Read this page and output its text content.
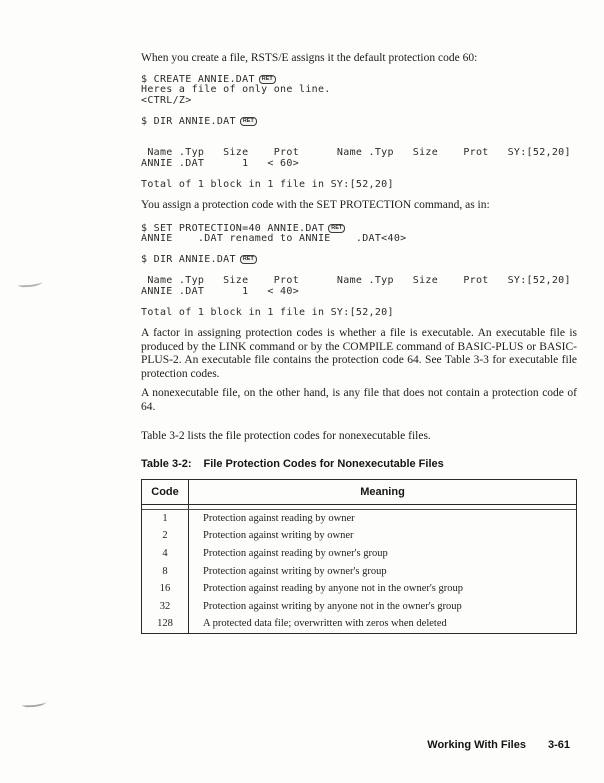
When you create a file, RSTS/E assigns it the default protection code 60:

$ CREATE ANNIE.DAT RET
Heres a file of only one line.
<CTRL/Z>
$ DIR ANNIE.DAT RET
Name .Typ   Size    Prot      Name .Typ   Size    Prot   SY:[52,20]
ANNIE .DAT      1   < 60>
Total of 1 block in 1 file in SY:[52,20]

You assign a protection code with the SET PROTECTION command, as in:

$ SET PROTECTION=40 ANNIE.DAT RET
ANNIE    .DAT renamed to ANNIE    .DAT<40>
$ DIR ANNIE.DAT RET
Name .Typ   Size    Prot      Name .Typ   Size    Prot   SY:[52,20]
ANNIE .DAT      1   < 40>
Total of 1 block in 1 file in SY:[52,20]

A factor in assigning protection codes is whether a file is executable. An executable file is produced by the LINK command or by the COMPILE command of BASIC-PLUS or BASIC-PLUS-2. An executable file contains the protection code 64. See Table 3-3 for executable file protection codes.

A nonexecutable file, on the other hand, is any file that does not contain a protection code of 64.

Table 3-2 lists the file protection codes for nonexecutable files.

Table 3-2: File Protection Codes for Nonexecutable Files
Code	Meaning
1	Protection against reading by owner
2	Protection against writing by owner
4	Protection against reading by owner's group
8	Protection against writing by owner's group
16	Protection against reading by anyone not in the owner's group
32	Protection against writing by anyone not in the owner's group
128	A protected data file; overwritten with zeros when deleted
Working With Files 3-61
